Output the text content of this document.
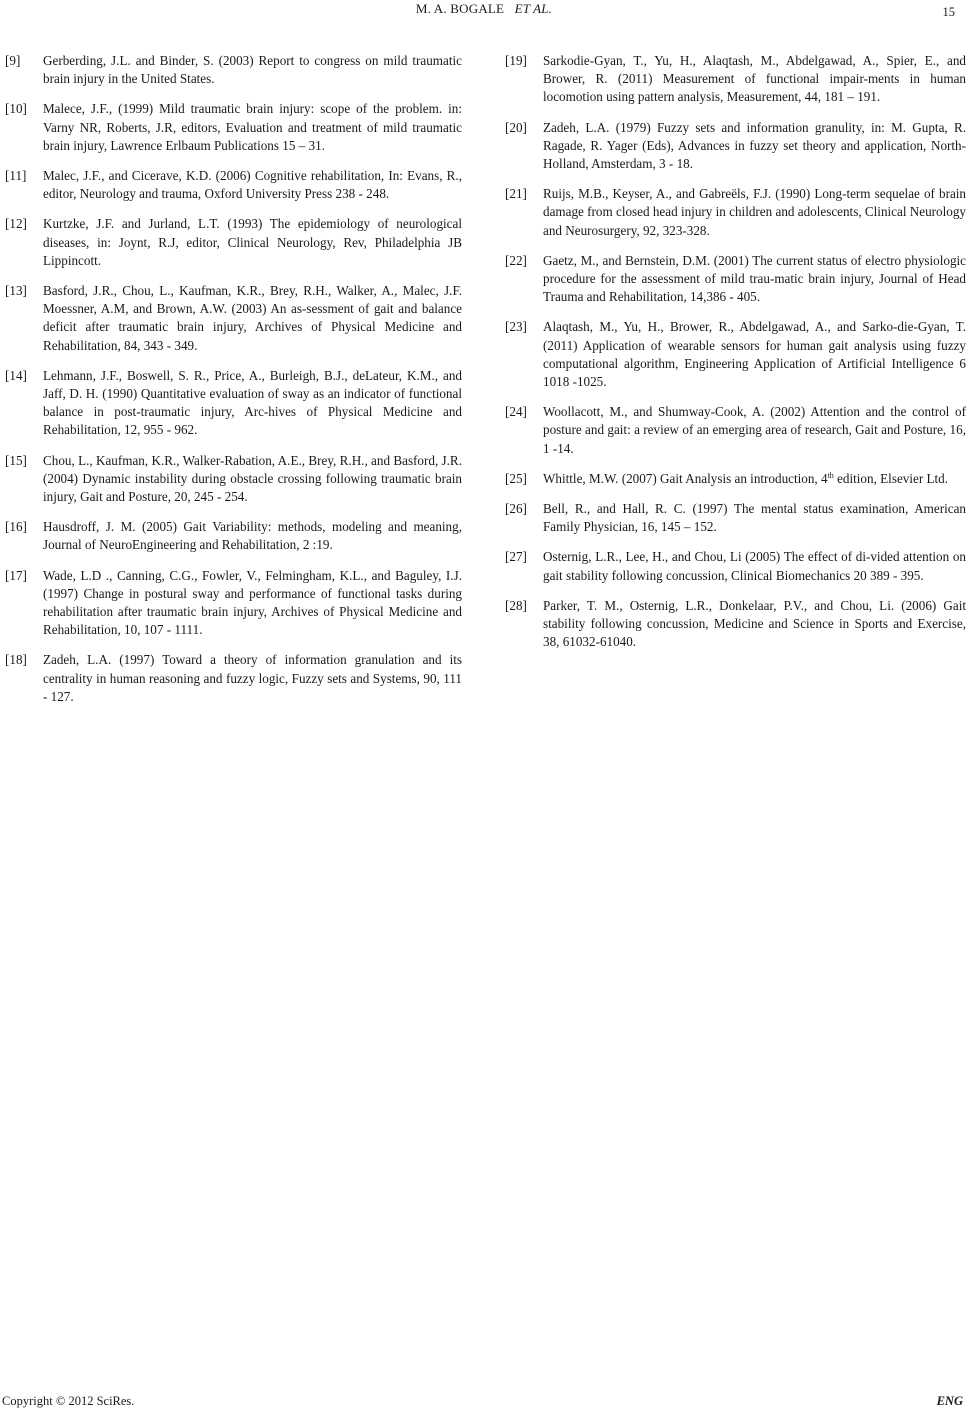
M. A. BOGALE ET AL.	15
[9] Gerberding, J.L. and Binder, S. (2003) Report to congress on mild traumatic brain injury in the United States.
[10] Malece, J.F., (1999) Mild traumatic brain injury: scope of the problem. in: Varny NR, Roberts, J.R, editors, Evaluation and treatment of mild traumatic brain injury, Lawrence Erlbaum Publications 15 – 31.
[11] Malec, J.F., and Cicerave, K.D. (2006) Cognitive rehabilitation, In: Evans, R., editor, Neurology and trauma, Oxford University Press 238 - 248.
[12] Kurtzke, J.F. and Jurland, L.T. (1993) The epidemiology of neurological diseases, in: Joynt, R.J, editor, Clinical Neurology, Rev, Philadelphia JB Lippincott.
[13] Basford, J.R., Chou, L., Kaufman, K.R., Brey, R.H., Walker, A., Malec, J.F. Moessner, A.M, and Brown, A.W. (2003) An as-sessment of gait and balance deficit after traumatic brain injury, Archives of Physical Medicine and Rehabilitation, 84, 343 - 349.
[14] Lehmann, J.F., Boswell, S. R., Price, A., Burleigh, B.J., deLateur, K.M., and Jaff, D. H. (1990) Quantitative evaluation of sway as an indicator of functional balance in post-traumatic injury, Arc-hives of Physical Medicine and Rehabilitation, 12, 955 - 962.
[15] Chou, L., Kaufman, K.R., Walker-Rabation, A.E., Brey, R.H., and Basford, J.R.(2004) Dynamic instability during obstacle crossing following traumatic brain injury, Gait and Posture, 20, 245 - 254.
[16] Hausdroff, J. M. (2005) Gait Variability: methods, modeling and meaning, Journal of NeuroEngineering and Rehabilitation, 2 :19.
[17] Wade, L.D ., Canning, C.G., Fowler, V., Felmingham, K.L., and Baguley, I.J. (1997) Change in postural sway and performance of functional tasks during rehabilitation after traumatic brain injury, Archives of Physical Medicine and Rehabilitation, 10, 107 - 1111.
[18] Zadeh, L.A. (1997) Toward a theory of information granulation and its centrality in human reasoning and fuzzy logic, Fuzzy sets and Systems, 90, 111 - 127.
[19] Sarkodie-Gyan, T., Yu, H., Alaqtash, M., Abdelgawad, A., Spier, E., and Brower, R. (2011) Measurement of functional impair-ments in human locomotion using pattern analysis, Measurement, 44, 181 – 191.
[20] Zadeh, L.A. (1979) Fuzzy sets and information granulity, in: M. Gupta, R. Ragade, R. Yager (Eds), Advances in fuzzy set theory and application, North-Holland, Amsterdam, 3 - 18.
[21] Ruijs, M.B., Keyser, A., and Gabreëls, F.J. (1990) Long-term sequelae of brain damage from closed head injury in children and adolescents, Clinical Neurology and Neurosurgery, 92, 323-328.
[22] Gaetz, M., and Bernstein, D.M. (2001) The current status of electro physiologic procedure for the assessment of mild trau-matic brain injury, Journal of Head Trauma and Rehabilitation, 14,386 - 405.
[23] Alaqtash, M., Yu, H., Brower, R., Abdelgawad, A., and Sarko-die-Gyan, T. (2011) Application of wearable sensors for human gait analysis using fuzzy computational algorithm, Engineering Application of Artificial Intelligence 6 1018 -1025.
[24] Woollacott, M., and Shumway-Cook, A. (2002) Attention and the control of posture and gait: a review of an emerging area of research, Gait and Posture, 16, 1 -14.
[25] Whittle, M.W. (2007) Gait Analysis an introduction, 4th edition, Elsevier Ltd.
[26] Bell, R., and Hall, R. C. (1997) The mental status examination, American Family Physician, 16, 145 – 152.
[27] Osternig, L.R., Lee, H., and Chou, Li (2005) The effect of di-vided attention on gait stability following concussion, Clinical Biomechanics 20 389 - 395.
[28] Parker, T. M., Osternig, L.R., Donkelaar, P.V., and Chou, Li. (2006) Gait stability following concussion, Medicine and Science in Sports and Exercise, 38, 61032-61040.
Copyright © 2012 SciRes.	ENG
